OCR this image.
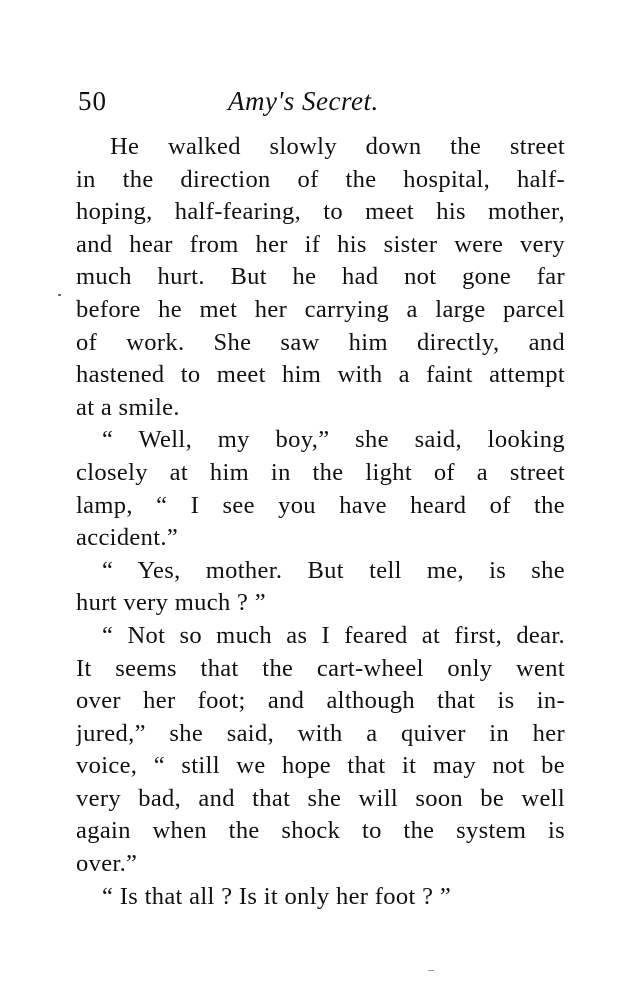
50	Amy's Secret.
He walked slowly down the street
in the direction of the hospital, half-
hoping, half-fearing, to meet his mother,
and hear from her if his sister were very
much hurt. But he had not gone far
before he met her carrying a large parcel
of work. She saw him directly, and
hastened to meet him with a faint attempt
at a smile.
“ Well, my boy,” she said, looking
closely at him in the light of a street
lamp, “ I see you have heard of the
accident.”
“ Yes, mother. But tell me, is she
hurt very much ? ”
“ Not so much as I feared at first, dear.
It seems that the cart-wheel only went
over her foot; and although that is in-
jured,” she said, with a quiver in her
voice, “ still we hope that it may not be
very bad, and that she will soon be well
again when the shock to the system is
over.”
“ Is that all ? Is it only her foot ? ”
